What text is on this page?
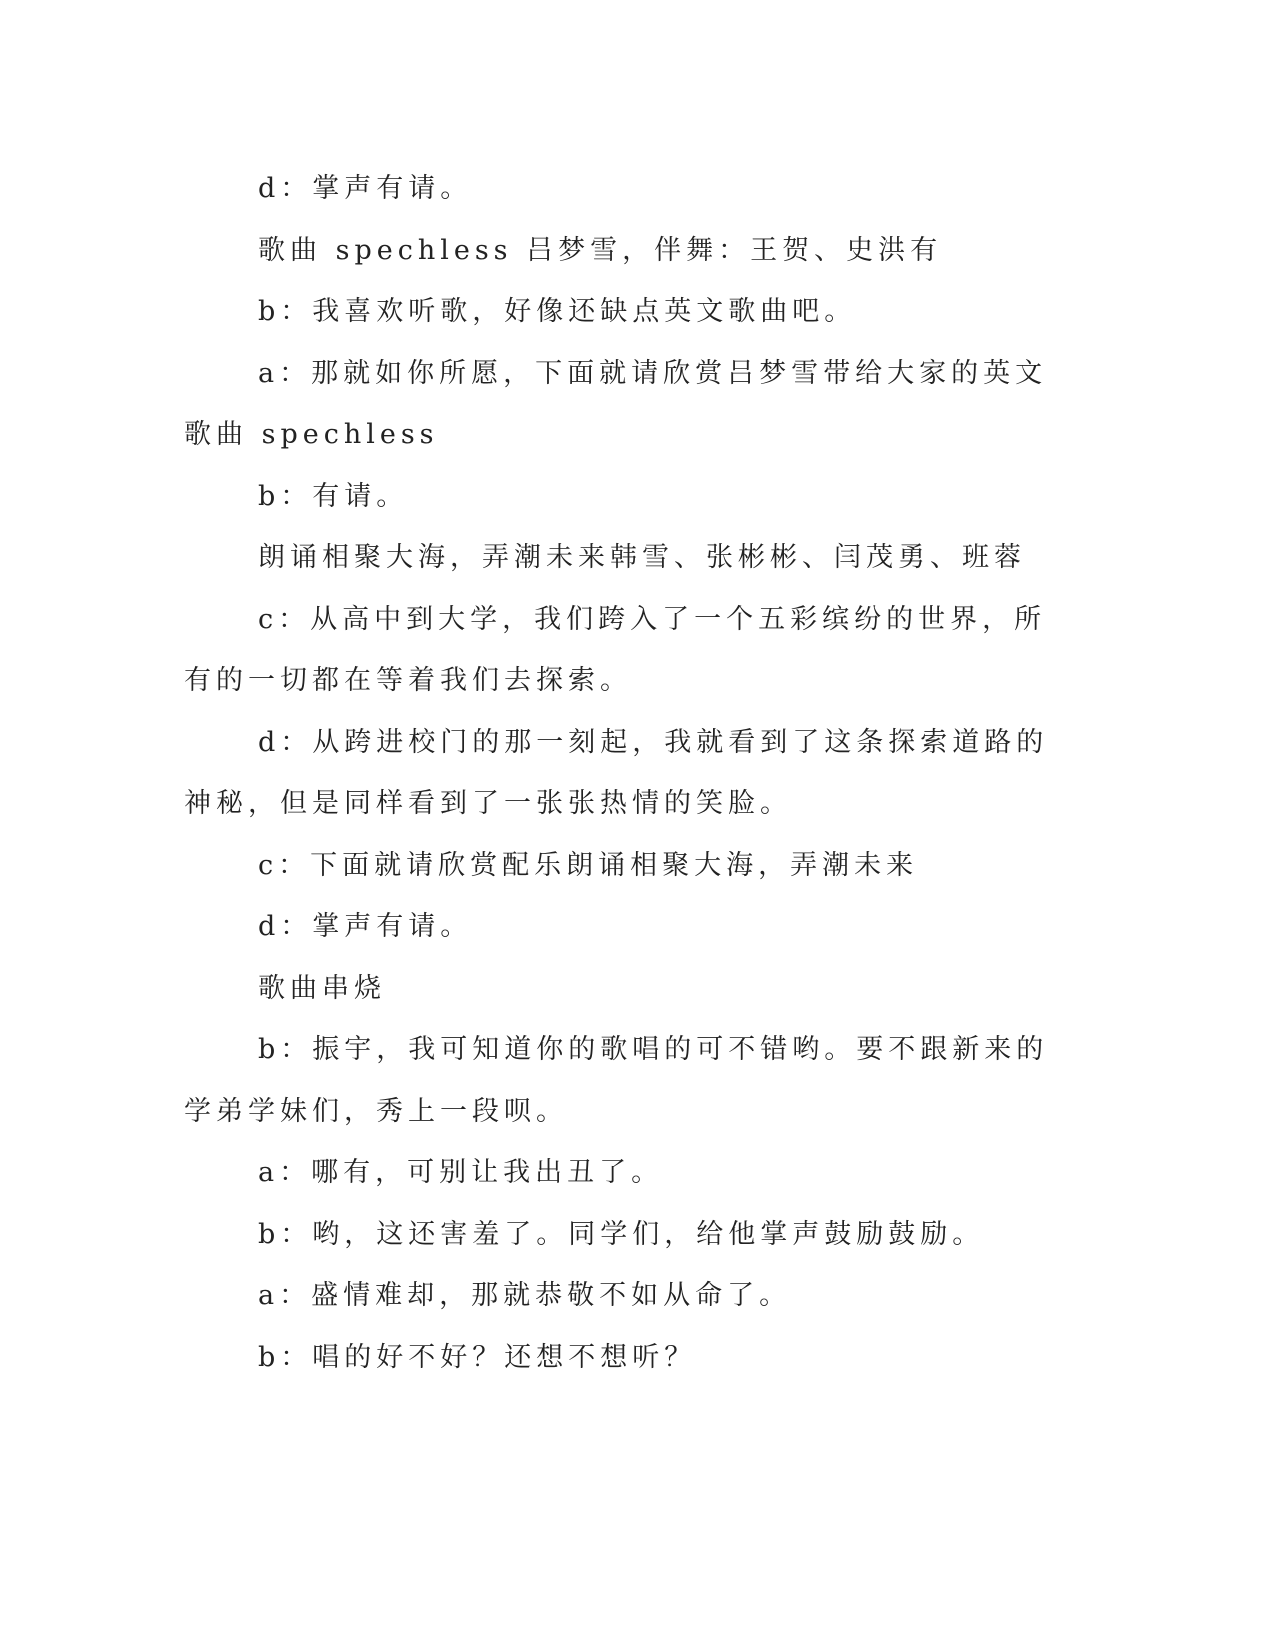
d：掌声有请。

歌曲 spechless 吕梦雪，伴舞：王贺、史洪有

b：我喜欢听歌，好像还缺点英文歌曲吧。

a：那就如你所愿，下面就请欣赏吕梦雪带给大家的英文歌曲 spechless

b：有请。

朗诵相聚大海，弄潮未来韩雪、张彬彬、闫茂勇、班蓉

c：从高中到大学，我们跨入了一个五彩缤纷的世界，所有的一切都在等着我们去探索。

d：从跨进校门的那一刻起，我就看到了这条探索道路的神秘，但是同样看到了一张张热情的笑脸。

c：下面就请欣赏配乐朗诵相聚大海，弄潮未来

d：掌声有请。

歌曲串烧

b：振宇，我可知道你的歌唱的可不错哟。要不跟新来的学弟学妹们，秀上一段呗。

a：哪有，可别让我出丑了。

b：哟，这还害羞了。同学们，给他掌声鼓励鼓励。

a：盛情难却，那就恭敬不如从命了。

b：唱的好不好？还想不想听？
